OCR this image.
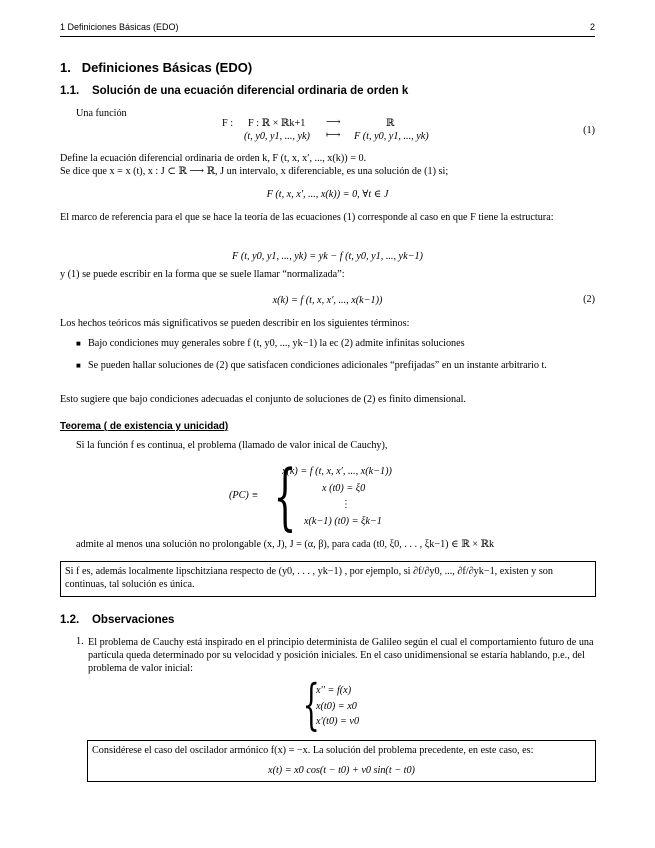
1 Definiciones Básicas (EDO)	2
1. Definiciones Básicas (EDO)
1.1. Solución de una ecuación diferencial ordinaria de orden k
Una función
F : F : ℝ × ℝk+1 ⟶	ℝ
(t, y0, y1, ..., yk) ⟼ F (t, y0, y1, ..., yk)
(1)
Define la ecuación diferencial ordinaria de orden k, F (t, x, x′, ..., x(k)) = 0.
Se dice que x = x (t), x : J ⊂ ℝ ⟶ ℝ, J un intervalo, x diferenciable, es una solución de (1) si;
F (t, x, x′, ..., x(k)) = 0, ∀t ∈ J
El marco de referencia para el que se hace la teoría de las ecuaciones (1) corresponde al caso en que F tiene la estructura:
F (t, y0, y1, ..., yk) = yk − f (t, y0, y1, ..., yk−1)
y (1) se puede escribir en la forma que se suele llamar “normalizada”:
x(k) = f (t, x, x′, ..., x(k−1))	(2)
Los hechos teóricos más significativos se pueden describir en los siguientes términos:
■ Bajo condiciones muy generales sobre f (t, y0, ..., yk−1) la ec (2) admite infinitas soluciones
■ Se pueden hallar soluciones de (2) que satisfacen condiciones adicionales “prefijadas” en un instante arbitrario t.
Esto sugiere que bajo condiciones adecuadas el conjunto de soluciones de (2) es finito dimensional.
Teorema ( de existencia y unicidad)
Si la función f es continua, el problema (llamado de valor inical de Cauchy),
(PC) ≡ {
x(k) = f (t, x, x′, ..., x(k−1))
x (t0) = ξ0
⋮
x(k−1) (t0) = ξk−1
admite al menos una solución no prolongable (x, J), J = (α, β), para cada (t0, ξ0, . . . , ξk−1) ∈ ℝ × ℝk
Si f es, además localmente lipschitziana respecto de (y0, . . . , yk−1) , por ejemplo, si ∂f/∂y0, ..., ∂f/∂yk−1, existen y son continuas, tal solución es única.
1.2. Observaciones
1. El problema de Cauchy está inspirado en el principio determinista de Galileo según el cual el comportamiento futuro de una partícula queda determinado por su velocidad y posición iniciales. En el caso unidimensional se estaría hablando, p.e., del problema de valor inicial:
{
x′′ = f(x)
x(t0) = x0
x′(t0) = v0
Considérese el caso del oscilador armónico f(x) = −x. La solución del problema precedente, en este caso, es:
x(t) = x0 cos(t − t0) + v0 sin(t − t0)
